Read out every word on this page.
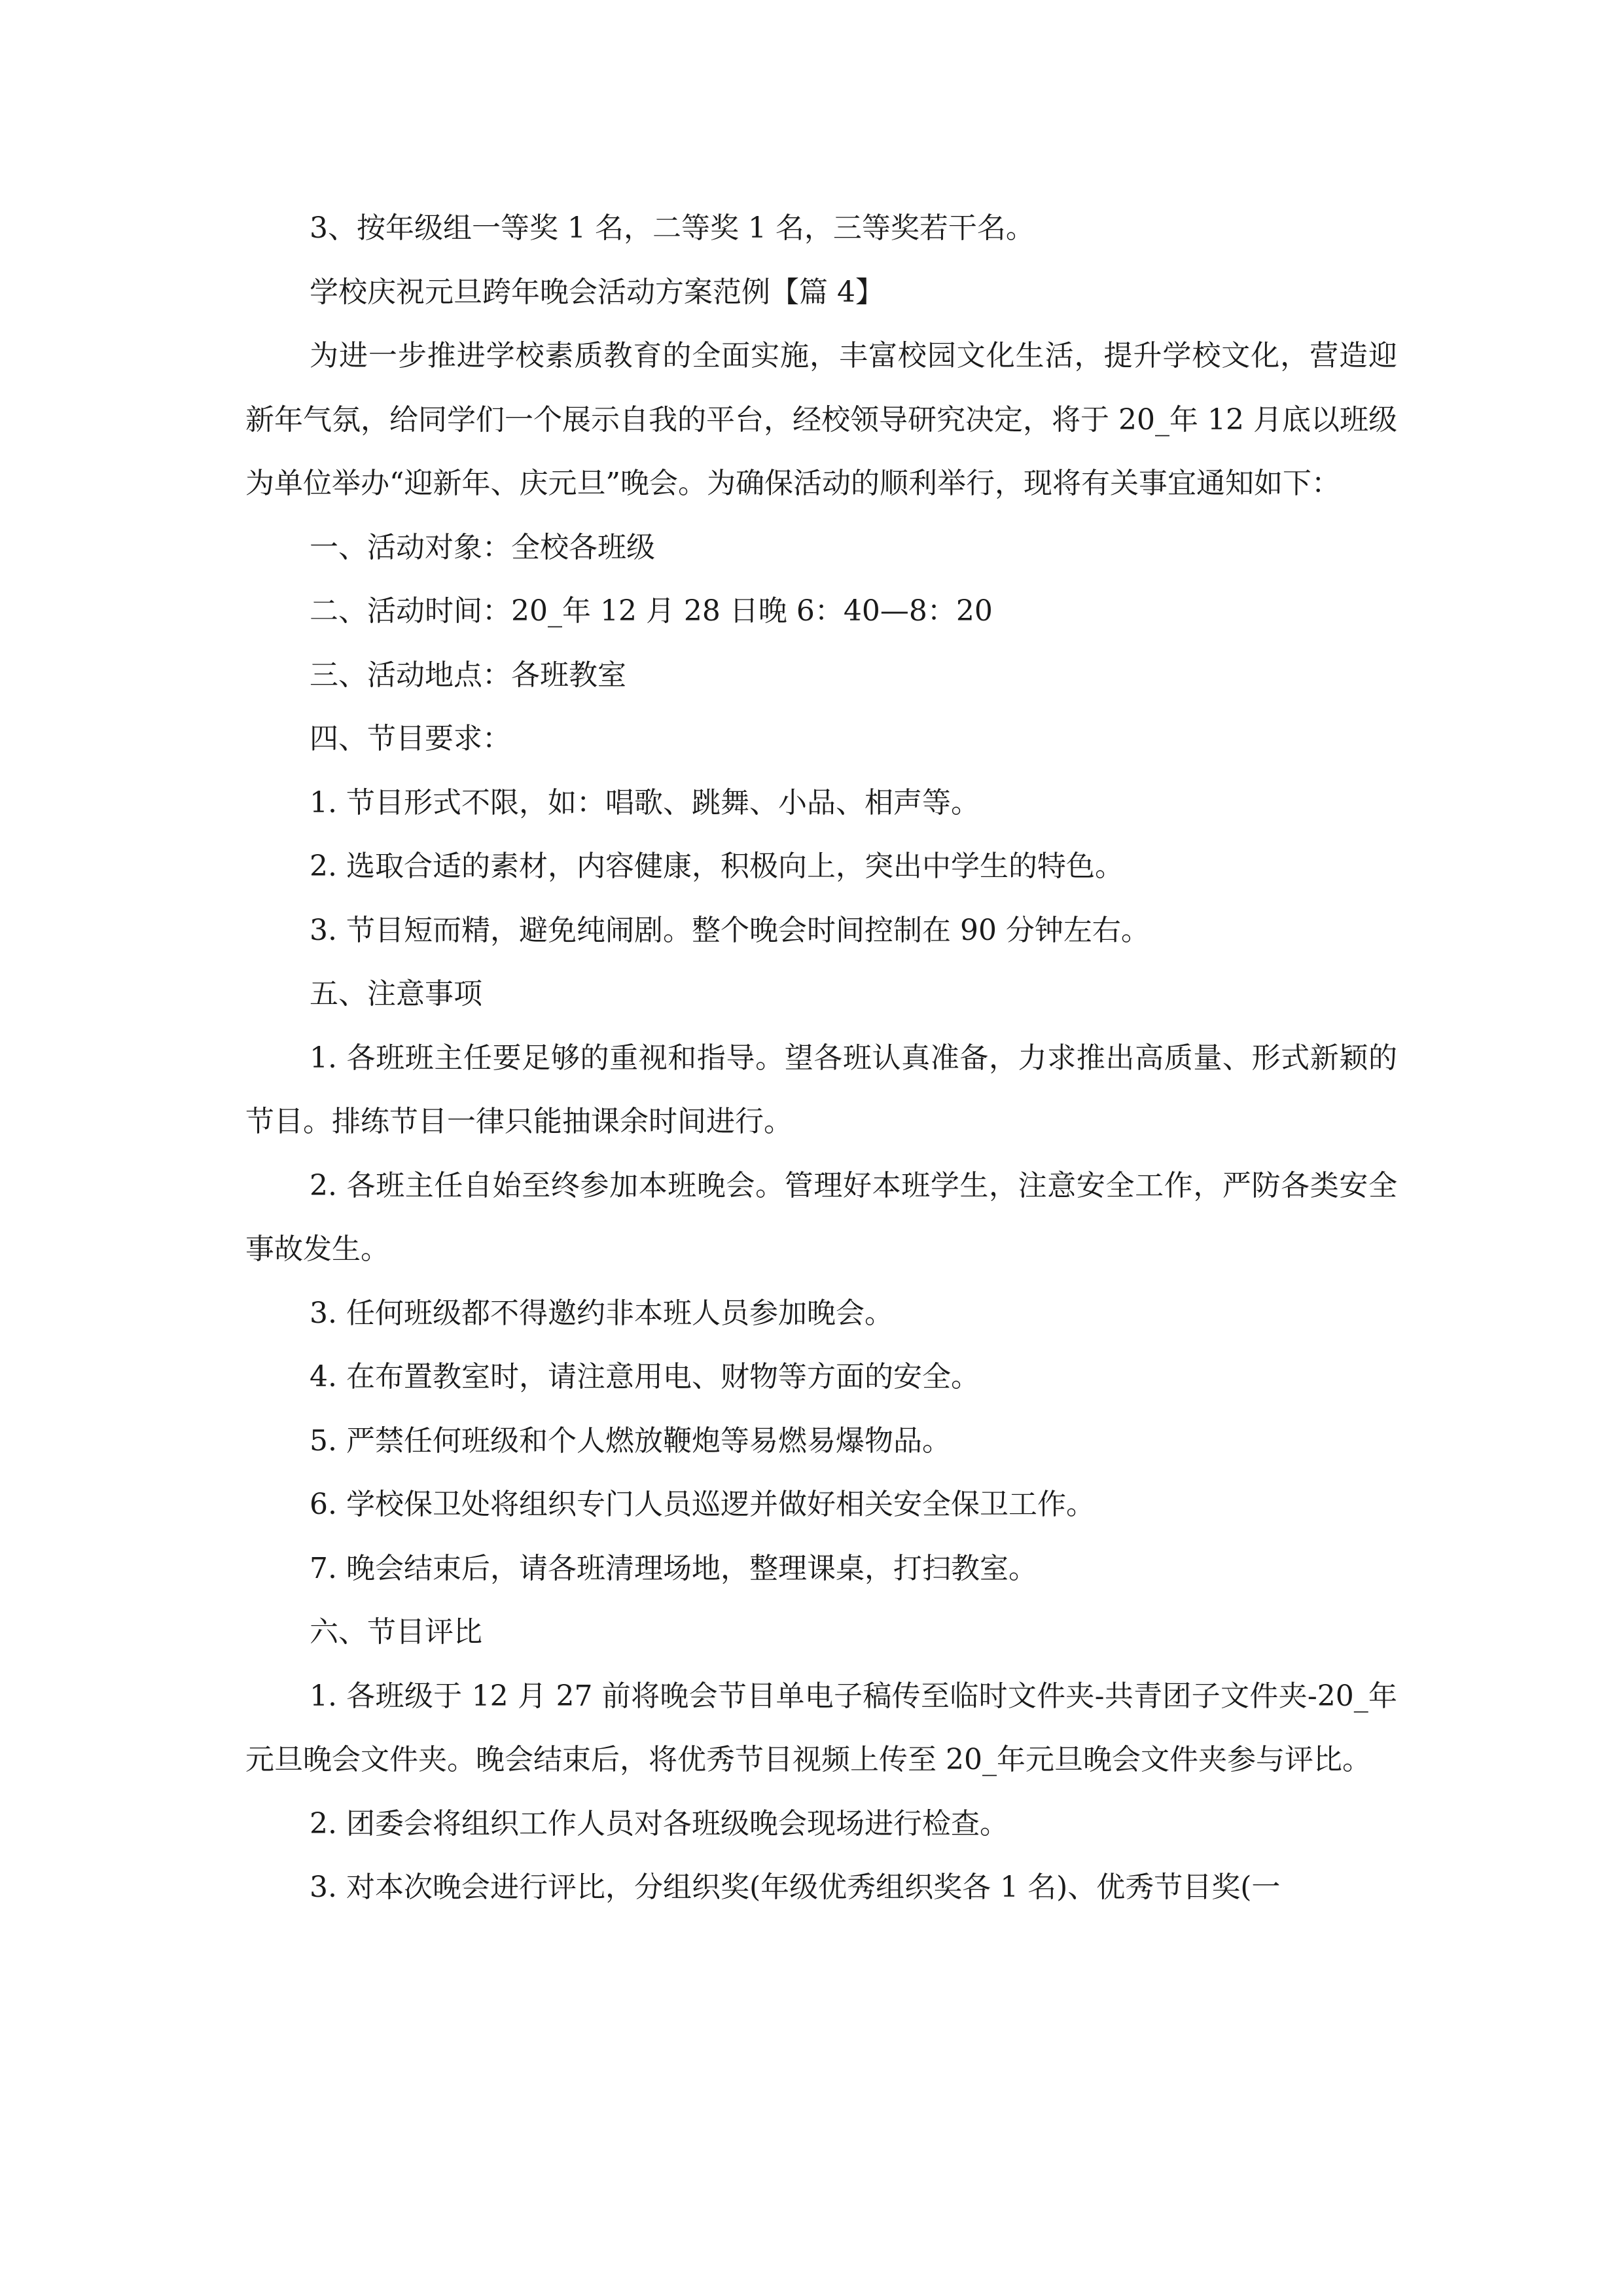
3、按年级组一等奖 1 名，二等奖 1 名，三等奖若干名。

学校庆祝元旦跨年晚会活动方案范例【篇 4】

为进一步推进学校素质教育的全面实施，丰富校园文化生活，提升学校文化，营造迎新年气氛，给同学们一个展示自我的平台，经校领导研究决定，将于 20_年 12 月底以班级为单位举办“迎新年、庆元旦”晚会。为确保活动的顺利举行，现将有关事宜通知如下：

一、活动对象：全校各班级

二、活动时间：20_年 12 月 28 日晚 6：40—8：20

三、活动地点：各班教室

四、节目要求：

1. 节目形式不限，如：唱歌、跳舞、小品、相声等。

2. 选取合适的素材，内容健康，积极向上，突出中学生的特色。

3. 节目短而精，避免纯闹剧。整个晚会时间控制在 90 分钟左右。

五、注意事项

1. 各班班主任要足够的重视和指导。望各班认真准备，力求推出高质量、形式新颖的节目。排练节目一律只能抽课余时间进行。

2. 各班主任自始至终参加本班晚会。管理好本班学生，注意安全工作，严防各类安全事故发生。

3. 任何班级都不得邀约非本班人员参加晚会。

4. 在布置教室时，请注意用电、财物等方面的安全。

5. 严禁任何班级和个人燃放鞭炮等易燃易爆物品。

6. 学校保卫处将组织专门人员巡逻并做好相关安全保卫工作。

7. 晚会结束后，请各班清理场地，整理课桌，打扫教室。

六、节目评比

1. 各班级于 12 月 27 前将晚会节目单电子稿传至临时文件夹-共青团子文件夹-20_年元旦晚会文件夹。晚会结束后，将优秀节目视频上传至 20_年元旦晚会文件夹参与评比。

2. 团委会将组织工作人员对各班级晚会现场进行检查。

3. 对本次晚会进行评比，分组织奖(年级优秀组织奖各 1 名)、优秀节目奖(一
